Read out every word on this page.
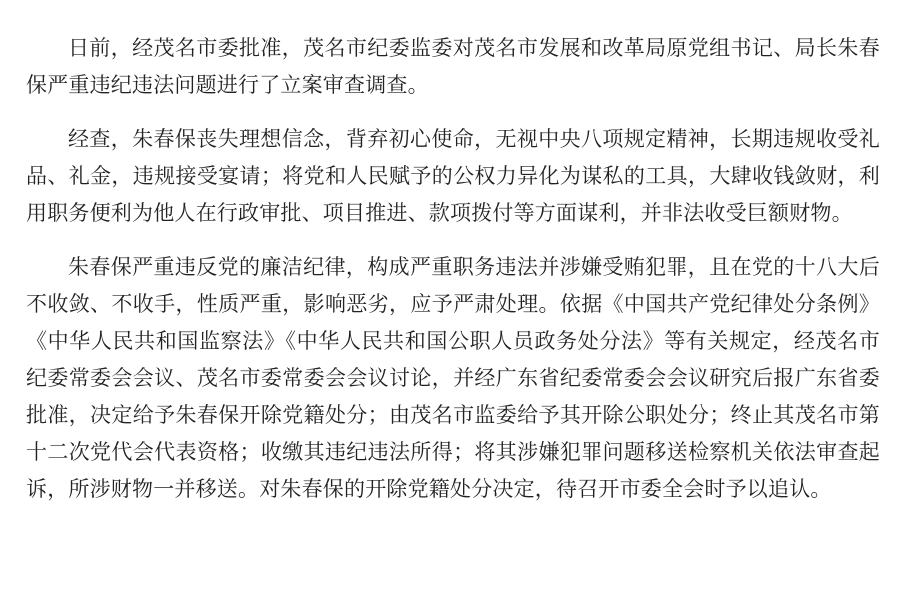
日前，经茂名市委批准，茂名市纪委监委对茂名市发展和改革局原党组书记、局长朱春保严重违纪违法问题进行了立案审查调查。

经查，朱春保丧失理想信念，背弃初心使命，无视中央八项规定精神，长期违规收受礼品、礼金，违规接受宴请；将党和人民赋予的公权力异化为谋私的工具，大肆收钱敛财，利用职务便利为他人在行政审批、项目推进、款项拨付等方面谋利，并非法收受巨额财物。

朱春保严重违反党的廉洁纪律，构成严重职务违法并涉嫌受贿犯罪，且在党的十八大后不收敛、不收手，性质严重，影响恶劣，应予严肃处理。依据《中国共产党纪律处分条例》《中华人民共和国监察法》《中华人民共和国公职人员政务处分法》等有关规定，经茂名市纪委常委会会议、茂名市委常委会会议讨论，并经广东省纪委常委会会议研究后报广东省委批准，决定给予朱春保开除党籍处分；由茂名市监委给予其开除公职处分；终止其茂名市第十二次党代会代表资格；收缴其违纪违法所得；将其涉嫌犯罪问题移送检察机关依法审查起诉，所涉财物一并移送。对朱春保的开除党籍处分决定，待召开市委全会时予以追认。
